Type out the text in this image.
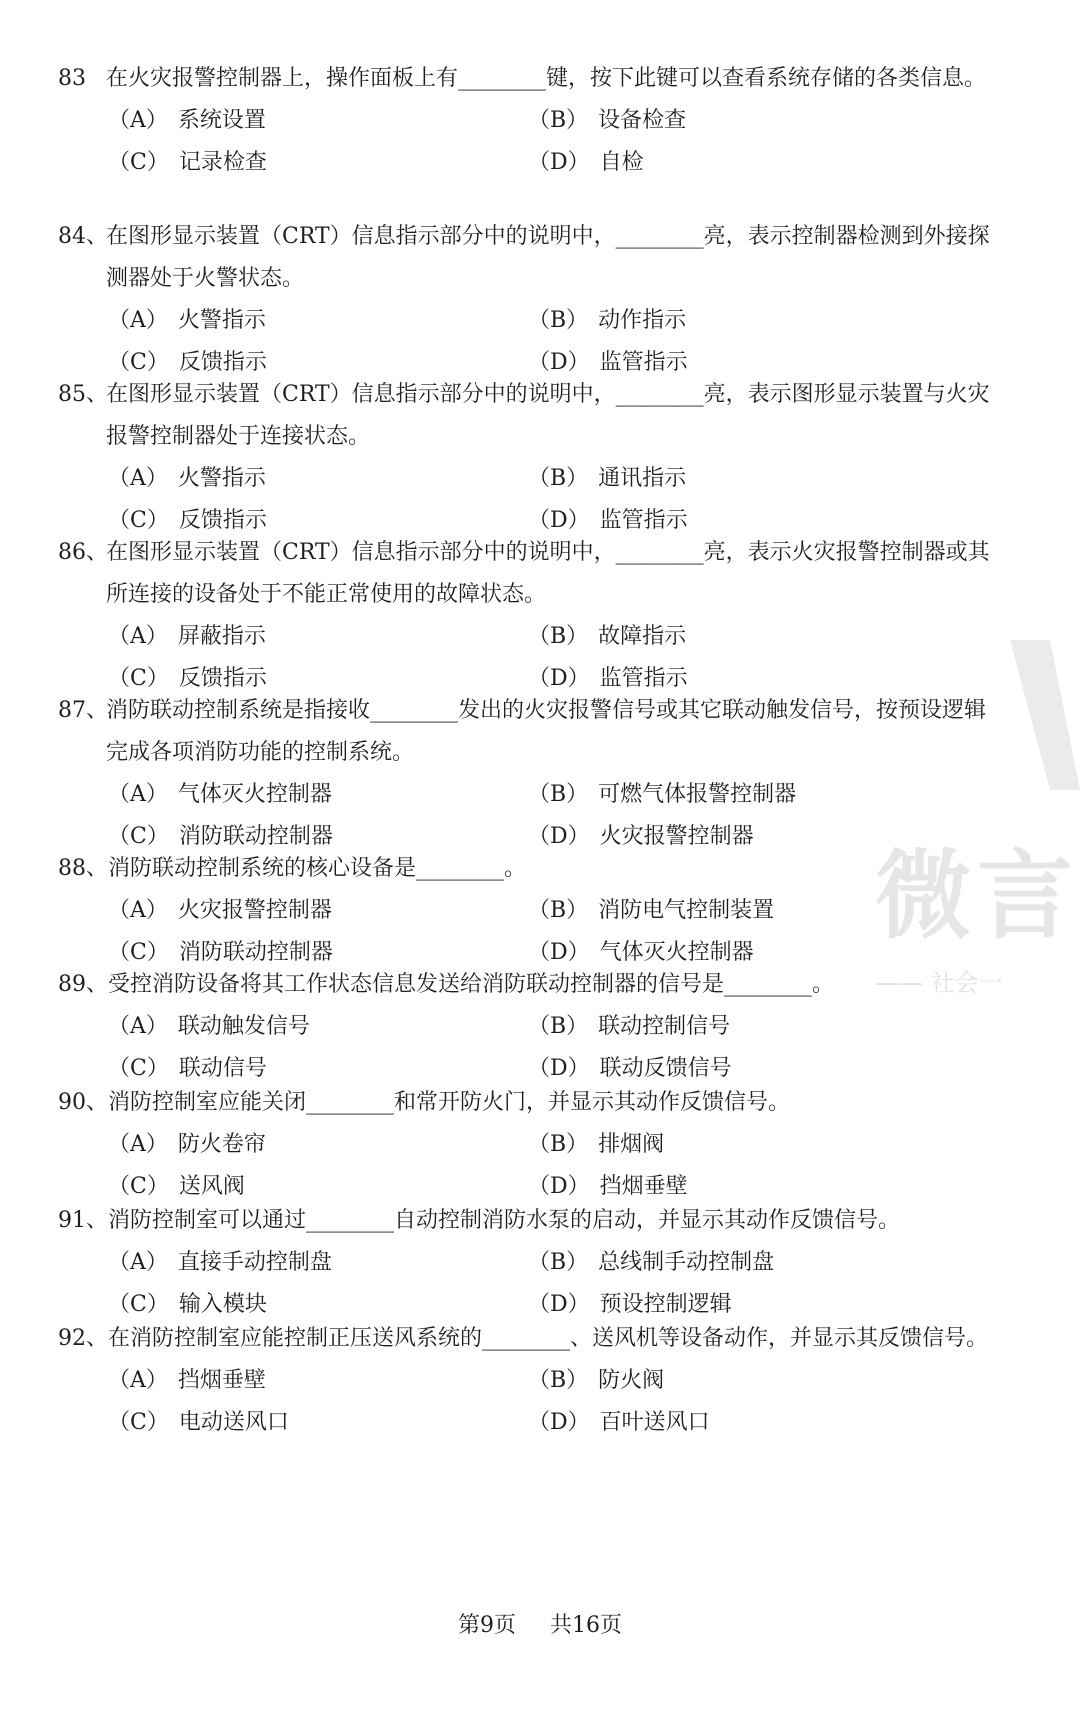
83 在火灾报警控制器上，操作面板上有________键，按下此键可以查看系统存储的各类信息。
（A） 系统设置	（B） 设备检查
（C） 记录检查	（D） 自检
84、
在图形显示装置（CRT）信息指示部分中的说明中，________亮，表示控制器检测到外接探测器处于火警状态。
（A） 火警指示	（B） 动作指示
（C） 反馈指示	（D） 监管指示
85、
在图形显示装置（CRT）信息指示部分中的说明中，________亮，表示图形显示装置与火灾报警控制器处于连接状态。
（A） 火警指示	（B） 通讯指示
（C） 反馈指示	（D） 监管指示
86、
在图形显示装置（CRT）信息指示部分中的说明中，________亮，表示火灾报警控制器或其所连接的设备处于不能正常使用的故障状态。
（A） 屏蔽指示	（B） 故障指示
（C） 反馈指示	（D） 监管指示
87、
消防联动控制系统是指接收________发出的火灾报警信号或其它联动触发信号，按预设逻辑完成各项消防功能的控制系统。
（A） 气体灭火控制器	（B） 可燃气体报警控制器
（C） 消防联动控制器	（D） 火灾报警控制器
88、 消防联动控制系统的核心设备是________。
（A） 火灾报警控制器	（B） 消防电气控制装置
（C） 消防联动控制器	（D） 气体灭火控制器
89、 受控消防设备将其工作状态信息发送给消防联动控制器的信号是________。
（A） 联动触发信号	（B） 联动控制信号
（C） 联动信号	（D） 联动反馈信号
90、 消防控制室应能关闭________和常开防火门，并显示其动作反馈信号。
（A） 防火卷帘	（B） 排烟阀
（C） 送风阀	（D） 挡烟垂壁
91、 消防控制室可以通过________自动控制消防水泵的启动，并显示其动作反馈信号。
（A） 直接手动控制盘	（B） 总线制手动控制盘
（C） 输入模块	（D） 预设控制逻辑
92、 在消防控制室应能控制正压送风系统的________、送风机等设备动作，并显示其反馈信号。
（A） 挡烟垂壁	（B） 防火阀
（C） 电动送风口	（D） 百叶送风口
微言
—— 社会一
第9页 共16页
